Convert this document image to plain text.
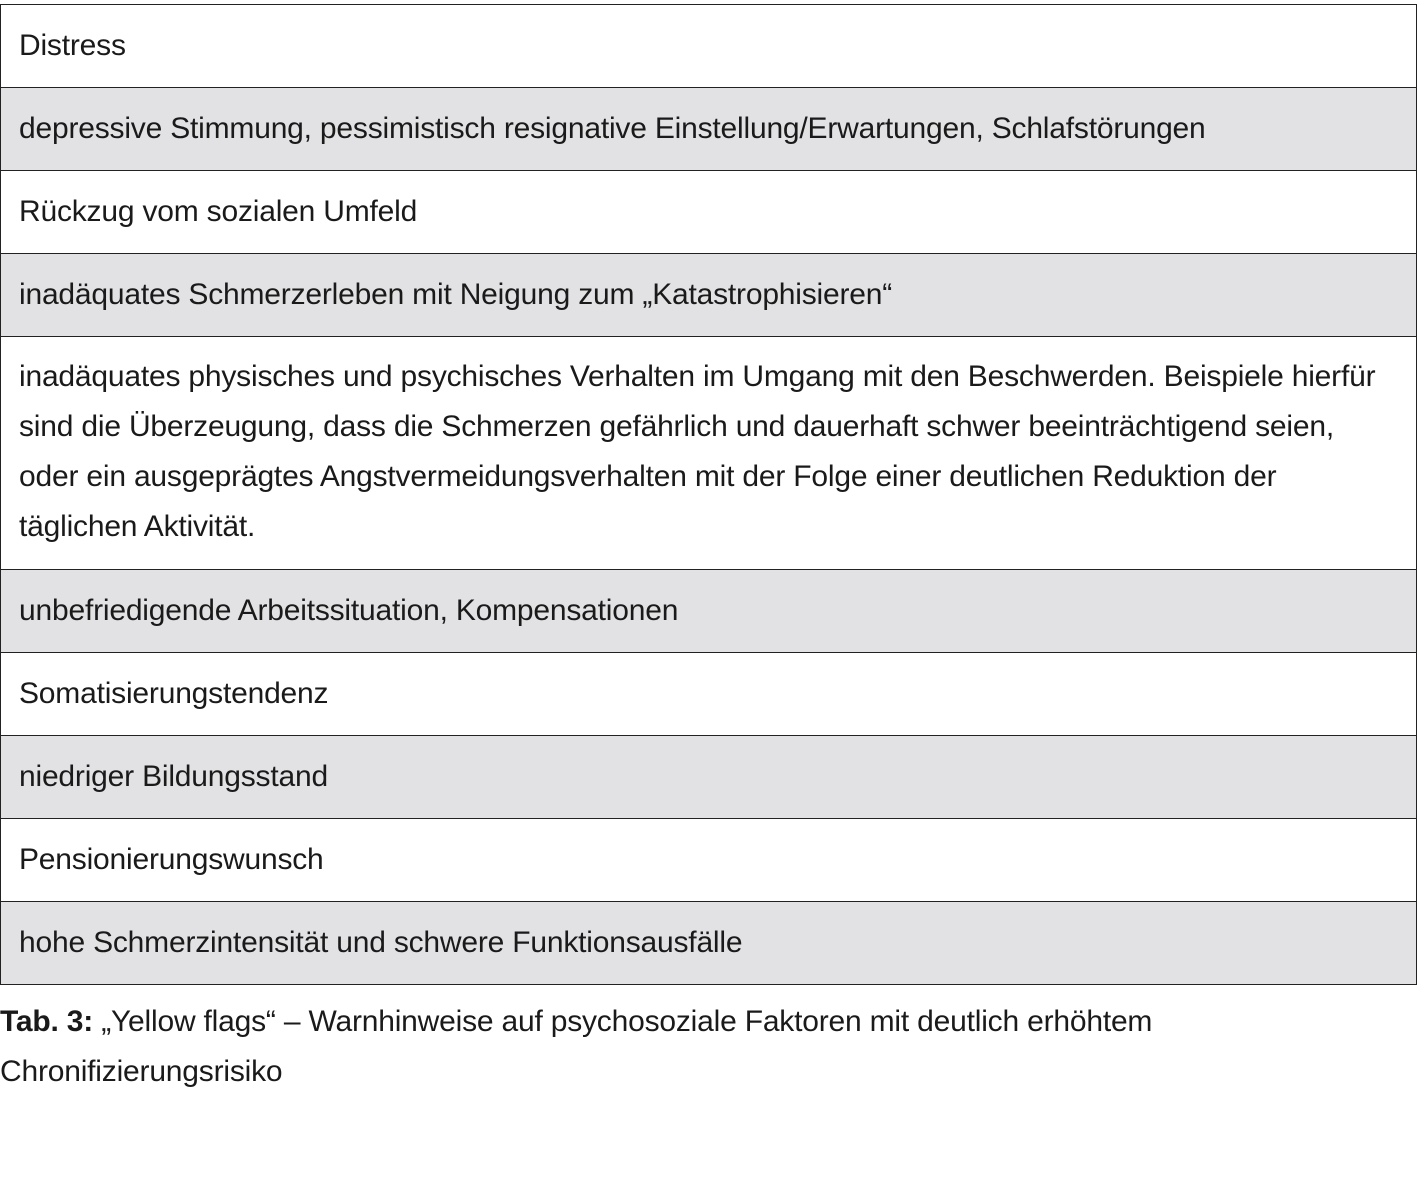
Distress
depressive Stimmung, pessimistisch resignative Einstellung/Erwartungen, Schlafstörungen
Rückzug vom sozialen Umfeld
inadäquates Schmerzerleben mit Neigung zum „Katastrophisieren“
inadäquates physisches und psychisches Verhalten im Umgang mit den Beschwerden. Beispiele hierfür sind die Überzeugung, dass die Schmerzen gefährlich und dauerhaft schwer beeinträchtigend seien, oder ein ausgeprägtes Angstvermeidungsverhalten mit der Folge einer deutlichen Reduktion der täglichen Aktivität.
unbefriedigende Arbeitssituation, Kompensationen
Somatisierungstendenz
niedriger Bildungsstand
Pensionierungswunsch
hohe Schmerzintensität und schwere Funktionsausfälle
Tab. 3: „Yellow flags“ – Warnhinweise auf psychosoziale Faktoren mit deutlich erhöhtem Chronifizierungsrisiko
